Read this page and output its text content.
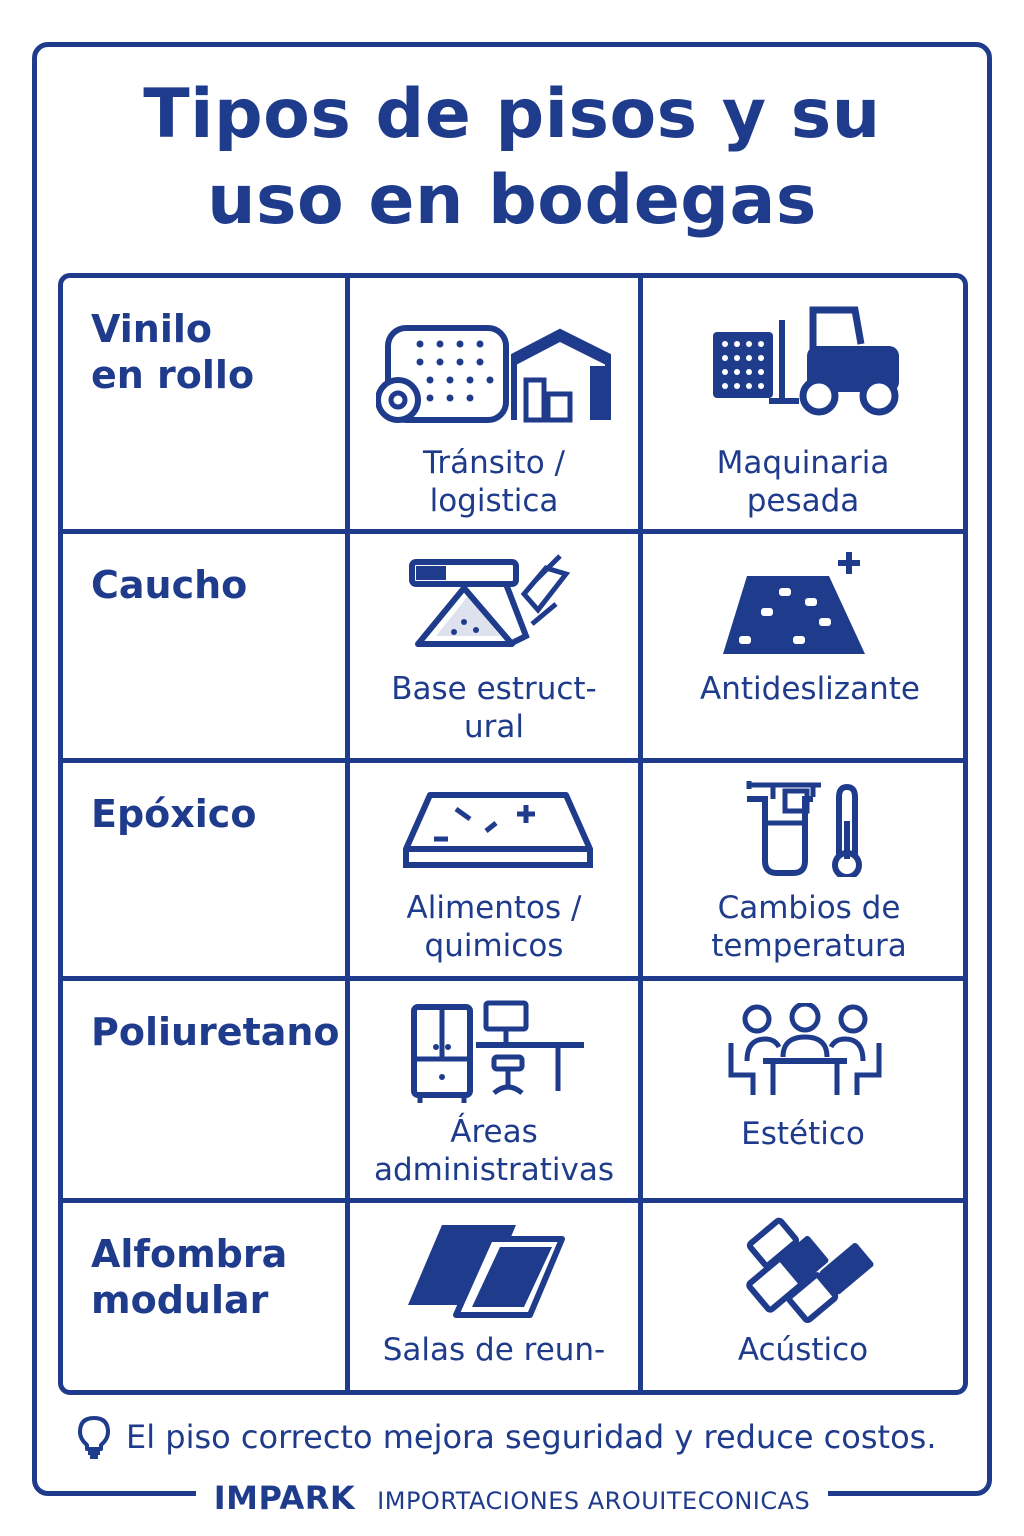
Tipos de pisos y su
uso en bodegas
Vinilo
en rollo
Tránsito /
logistica
Maquinaria
pesada
Caucho
Base estruct-
ural
Antideslizante
Epóxico
Alimentos /
quimicos
Cambios de
temperatura
Poliuretano
Áreas
administrativas
Estético
Alfombra
modular
Salas de reun-	Acústico
El piso correcto mejora seguridad y reduce costos.
IMPARK IMPORTACIONES AROUITECONICAS
